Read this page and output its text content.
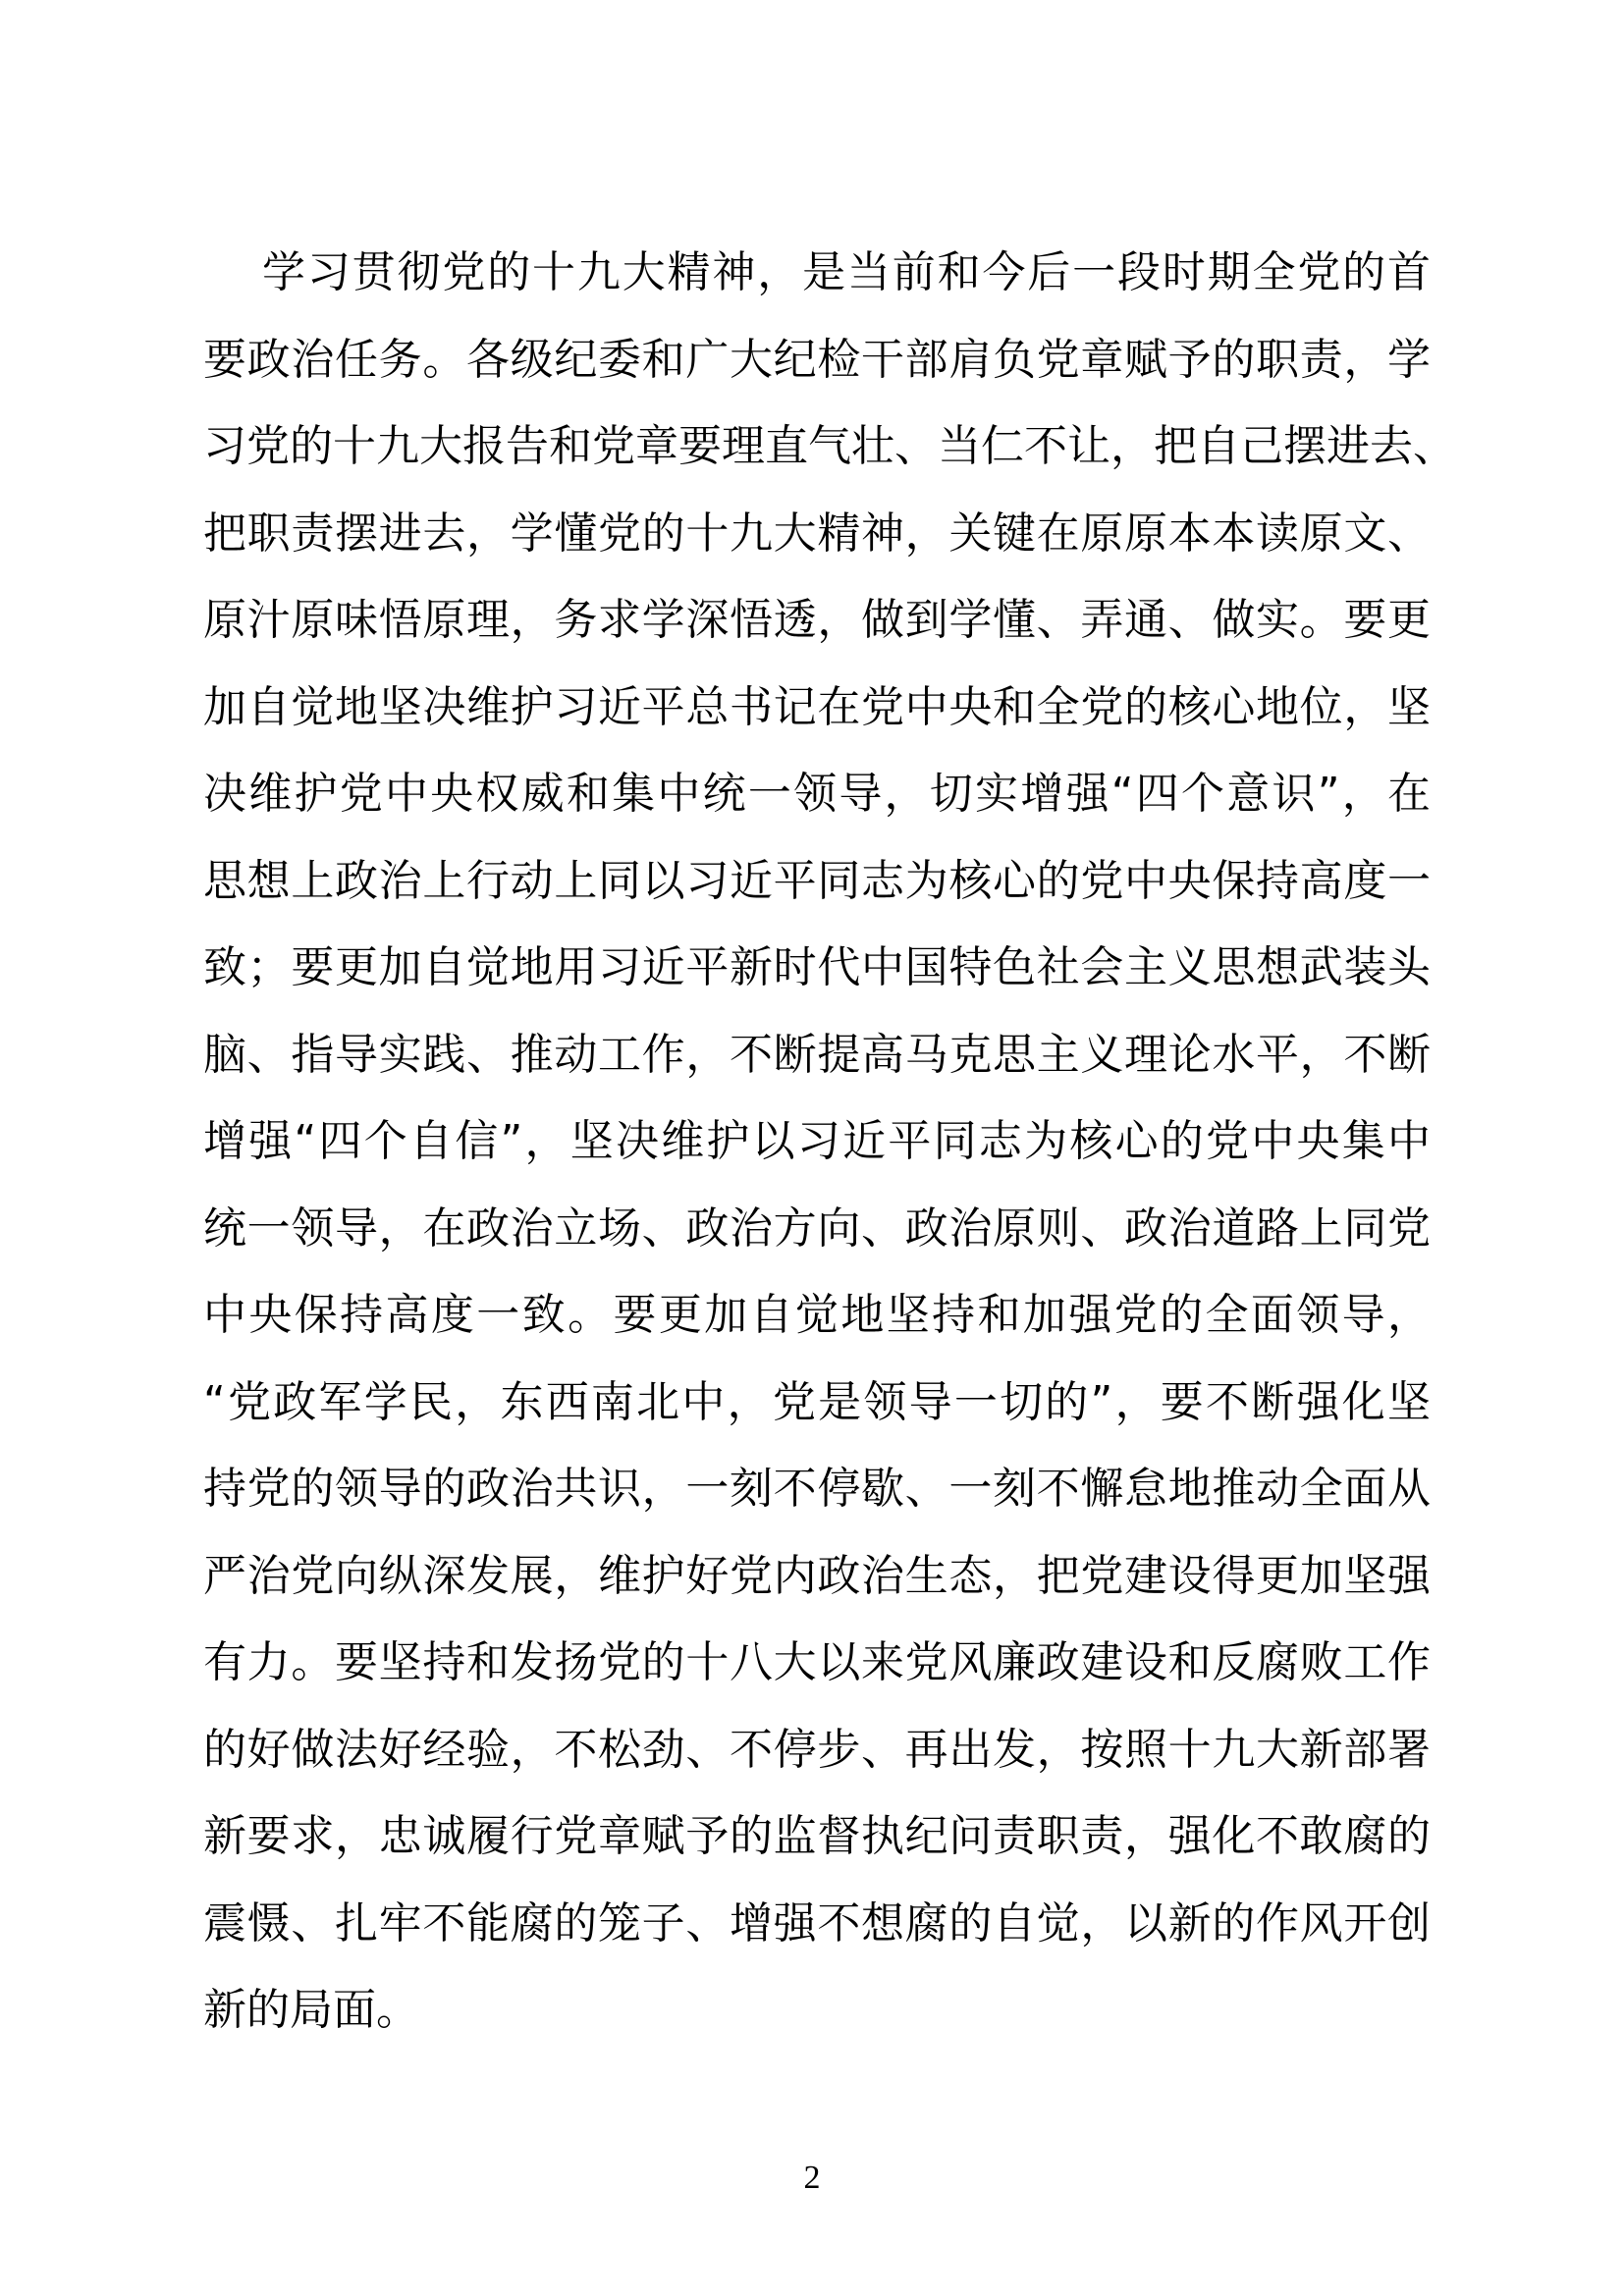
学习贯彻党的十九大精神，是当前和今后一段时期全党的首
要政治任务。各级纪委和广大纪检干部肩负党章赋予的职责，学
习党的十九大报告和党章要理直气壮、当仁不让，把自己摆进去、
把职责摆进去，学懂党的十九大精神，关键在原原本本读原文、
原汁原味悟原理，务求学深悟透，做到学懂、弄通、做实。要更
加自觉地坚决维护习近平总书记在党中央和全党的核心地位，坚
决维护党中央权威和集中统一领导，切实增强“四个意识”，在
思想上政治上行动上同以习近平同志为核心的党中央保持高度一
致；要更加自觉地用习近平新时代中国特色社会主义思想武装头
脑、指导实践、推动工作，不断提高马克思主义理论水平，不断
增强“四个自信”，坚决维护以习近平同志为核心的党中央集中
统一领导，在政治立场、政治方向、政治原则、政治道路上同党
中央保持高度一致。要更加自觉地坚持和加强党的全面领导，
“党政军学民，东西南北中，党是领导一切的”，要不断强化坚
持党的领导的政治共识，一刻不停歇、一刻不懈怠地推动全面从
严治党向纵深发展，维护好党内政治生态，把党建设得更加坚强
有力。要坚持和发扬党的十八大以来党风廉政建设和反腐败工作
的好做法好经验，不松劲、不停步、再出发，按照十九大新部署
新要求，忠诚履行党章赋予的监督执纪问责职责，强化不敢腐的
震慑、扎牢不能腐的笼子、增强不想腐的自觉，以新的作风开创
新的局面。
2
